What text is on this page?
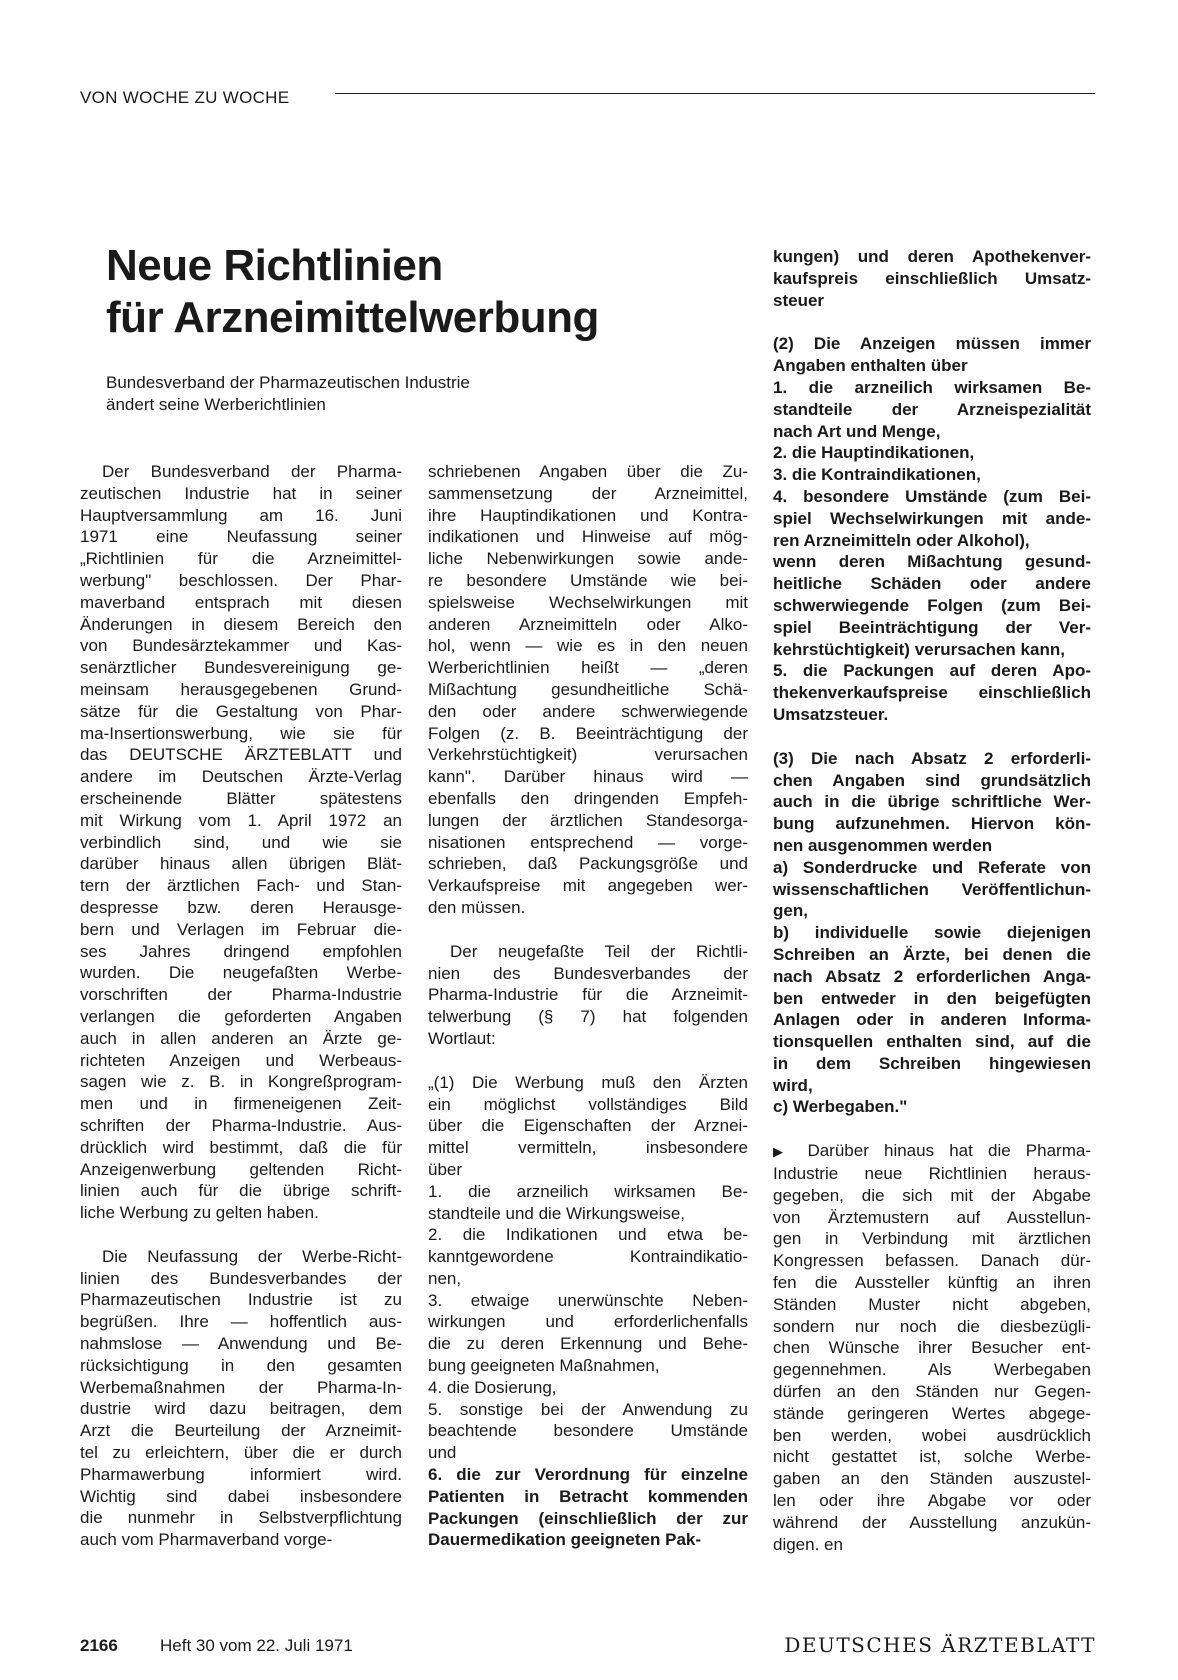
VON WOCHE ZU WOCHE
Neue Richtlinien
für Arzneimittelwerbung
Bundesverband der Pharmazeutischen Industrie
ändert seine Werberichtlinien
Der Bundesverband der Pharma-
zeutischen Industrie hat in seiner
Hauptversammlung am 16. Juni
1971 eine Neufassung seiner
„Richtlinien für die Arzneimittel-
werbung" beschlossen. Der Phar-
maverband entsprach mit diesen
Änderungen in diesem Bereich den
von Bundesärztekammer und Kas-
senärztlicher Bundesvereinigung ge-
meinsam herausgegebenen Grund-
sätze für die Gestaltung von Phar-
ma-Insertionswerbung, wie sie für
das DEUTSCHE ÄRZTEBLATT und
andere im Deutschen Ärzte-Verlag
erscheinende Blätter spätestens
mit Wirkung vom 1. April 1972 an
verbindlich sind, und wie sie
darüber hinaus allen übrigen Blät-
tern der ärztlichen Fach- und Stan-
despresse bzw. deren Herausge-
bern und Verlagen im Februar die-
ses Jahres dringend empfohlen
wurden. Die neugefaßten Werbe-
vorschriften der Pharma-Industrie
verlangen die geforderten Angaben
auch in allen anderen an Ärzte ge-
richteten Anzeigen und Werbeaus-
sagen wie z. B. in Kongreßprogram-
men und in firmeneigenen Zeit-
schriften der Pharma-Industrie. Aus-
drücklich wird bestimmt, daß die für
Anzeigenwerbung geltenden Richt-
linien auch für die übrige schrift-
liche Werbung zu gelten haben.
Die Neufassung der Werbe-Richt-
linien des Bundesverbandes der
Pharmazeutischen Industrie ist zu
begrüßen. Ihre — hoffentlich aus-
nahmslose — Anwendung und Be-
rücksichtigung in den gesamten
Werbemaßnahmen der Pharma-In-
dustrie wird dazu beitragen, dem
Arzt die Beurteilung der Arzneimit-
tel zu erleichtern, über die er durch
Pharmawerbung informiert wird.
Wichtig sind dabei insbesondere
die nunmehr in Selbstverpflichtung
auch vom Pharmaverband vorge-
schriebenen Angaben über die Zu-
sammensetzung der Arzneimittel,
ihre Hauptindikationen und Kontra-
indikationen und Hinweise auf mög-
liche Nebenwirkungen sowie ande-
re besondere Umstände wie bei-
spielsweise Wechselwirkungen mit
anderen Arzneimitteln oder Alko-
hol, wenn — wie es in den neuen
Werberichtlinien heißt — „deren
Mißachtung gesundheitliche Schä-
den oder andere schwerwiegende
Folgen (z. B. Beeinträchtigung der
Verkehrstüchtigkeit) verursachen
kann". Darüber hinaus wird —
ebenfalls den dringenden Empfeh-
lungen der ärztlichen Standesorga-
nisationen entsprechend — vorge-
schrieben, daß Packungsgröße und
Verkaufspreise mit angegeben wer-
den müssen.
Der neugefaßte Teil der Richtli-
nien des Bundesverbandes der
Pharma-Industrie für die Arzneimit-
telwerbung (§ 7) hat folgenden
Wortlaut:
„(1) Die Werbung muß den Ärzten
ein möglichst vollständiges Bild
über die Eigenschaften der Arznei-
mittel vermitteln, insbesondere
über
1. die arzneilich wirksamen Be-
standteile und die Wirkungsweise,
2. die Indikationen und etwa be-
kanntgewordene Kontraindikatio-
nen,
3. etwaige unerwünschte Neben-
wirkungen und erforderlichenfalls
die zu deren Erkennung und Behe-
bung geeigneten Maßnahmen,
4. die Dosierung,
5. sonstige bei der Anwendung zu
beachtende besondere Umstände
und
6. die zur Verordnung für einzelne
Patienten in Betracht kommenden
Packungen (einschließlich der zur
Dauermedikation geeigneten Pak-
kungen) und deren Apothekenver-
kaufspreis einschließlich Umsatz-
steuer
(2) Die Anzeigen müssen immer
Angaben enthalten über
1. die arzneilich wirksamen Be-
standteile der Arzneispezialität
nach Art und Menge,
2. die Hauptindikationen,
3. die Kontraindikationen,
4. besondere Umstände (zum Bei-
spiel Wechselwirkungen mit ande-
ren Arzneimitteln oder Alkohol),
wenn deren Mißachtung gesund-
heitliche Schäden oder andere
schwerwiegende Folgen (zum Bei-
spiel Beeinträchtigung der Ver-
kehrstüchtigkeit) verursachen kann,
5. die Packungen auf deren Apo-
thekenverkaufspreise einschließlich
Umsatzsteuer.
(3) Die nach Absatz 2 erforderli-
chen Angaben sind grundsätzlich
auch in die übrige schriftliche Wer-
bung aufzunehmen. Hiervon kön-
nen ausgenommen werden
a) Sonderdrucke und Referate von
wissenschaftlichen Veröffentlichun-
gen,
b) individuelle sowie diejenigen
Schreiben an Ärzte, bei denen die
nach Absatz 2 erforderlichen Anga-
ben entweder in den beigefügten
Anlagen oder in anderen Informa-
tionsquellen enthalten sind, auf die
in dem Schreiben hingewiesen
wird,
c) Werbegaben."
▶ Darüber hinaus hat die Pharma-
Industrie neue Richtlinien heraus-
gegeben, die sich mit der Abgabe
von Ärztemustern auf Ausstellun-
gen in Verbindung mit ärztlichen
Kongressen befassen. Danach dür-
fen die Aussteller künftig an ihren
Ständen Muster nicht abgeben,
sondern nur noch die diesbezügli-
chen Wünsche ihrer Besucher ent-
gegennehmen. Als Werbegaben
dürfen an den Ständen nur Gegen-
stände geringeren Wertes abgege-
ben werden, wobei ausdrücklich
nicht gestattet ist, solche Werbe-
gaben an den Ständen auszustel-
len oder ihre Abgabe vor oder
während der Ausstellung anzukün-
digen. en
2166 Heft 30 vom 22. Juli 1971	DEUTSCHES ÄRZTEBLATT
